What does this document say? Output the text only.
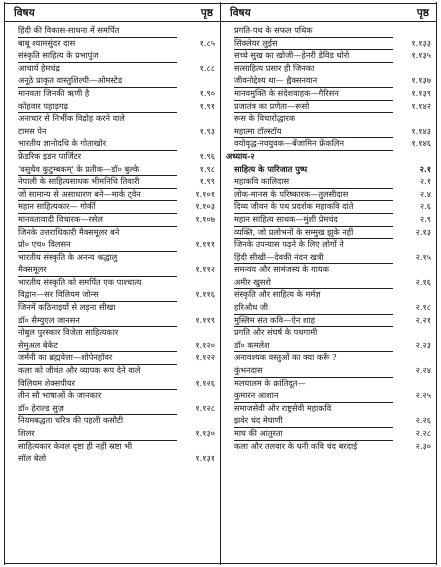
विषय	पृष्ठ
हिंदी की विकास-साधना में समर्पित
बाबू श्यामसुंदर दास	१.८५
संस्कृति साहित्य के प्रभापुंज
आचार्य हेमचंद्र	१.८८
अनूठे प्राकृत वास्तुशिल्पी—ओमस्टेड
मानवता जिनकी ऋणी है	१.९०
कोहवार पहाड़गढ़	१.९१
अनाचार से निर्भीक विद्रोह करने वाले
टामस पेन	१.९३
भारतीय ज्ञानोदधि के गोताखोर
फ्रेडरिक इडन पार्जिटर	१.९६
'वसुधैव कुटुम्बकम्' के प्रतीक—डॉ० बुल्के	१.९८
नेपाली के साहित्यसाधक भीमनिधि तिवारी	१.९९
जो सामान्य से असाधारण बने—मार्क ट्वेन	१.१०१
महान साहित्यकार— गोर्की	१.१०३
मानवतावादी विचारक—रसेल	१.१०७
जिनके उत्तराधिकारी मैक्समूलर बने
प्रो० एच० विलसन	१.१११
भारतीय संस्कृति के अनन्य श्रद्धालु
मैक्समूलर	१.११२
भारतीय संस्कृति को समर्पित एक पाश्चात्य
विद्वान—सर विलियम जोन्स	१.११६
जिनमें कठिनाइयों से लड़ना सीखा
डॉ० सैम्युएल जानसन	१.११९
नोबुल पुरस्कार विजेता साहित्यकार
सेमुअल बेकेट	१.१२०
जर्मनी का ब्रह्मवेत्ता—शोपेनहॉवर	१.१२२
कला को जीवंत और व्यापक रूप देने वाले
विलियम शेक्सपीयर	१.१२६
तीन सौ भाषाओं के जानकार
डॉ० हेराल्ड सुज़	१.१२८
नियमबद्धता चरित्र की पहली कसौटी
शिलर	१.१३०
साहित्यकार केवल दृष्टा ही नहीं स्रष्टा भी
सॉल बेलो	१.१३१
विषय	पृष्ठ
प्रगति-पथ के सफल पथिक
सिंक्लेयर लुईस	१.१३३
सच्चे सुख का खोजी—हेनरी डेविड थोरो	१.१३५
सत्साहित्य प्रसार ही जिनका
जीवनोद्देश्य था— ह्वैक्सनवान	१.१३७
मानवमुक्ति के संदेशवाहक—गैरिसन	१.१३९
प्रजातंत्र का प्रणेता—रूसो	१.१४२
रूस के विचारोद्धारक
महात्मा टॉल्स्टॉय	१.१४३
वयोवृद्ध-नवयुवक—बेंजामिन फ्रेंकलिन	१.१४६
अध्याय-२
साहित्य के पारिजात पुष्प	२.१
महाकवि कालिदास	२.१
लोक-मानस के परिष्कारक—तुलसीदास	२.४
दिव्य जीवन के पथ प्रदर्शक महाकवि दांते	२.६
महान साहित्य साधक—मुंशी प्रेमचंद	२.९
व्यक्ति, जो प्रलोभनों के सम्मुख झुके नहीं	२.१३
जिनके उपन्यास पढ़ने के लिए लोगों ने
हिंदी सीखी—देवकी नंदन खत्री	२.१५
समन्वय और सामंजस्य के गायक
अमीर खुसरो	२.१६
संस्कृति और साहित्य के मर्मज्ञ
हरिऔध जी	२.१८
मुस्लिम संत कवि—ऐन शाह	२.२१
प्रगति और संघर्ष के पथगामी
डॉ० कमलेश	२.२३
अनावश्यक वस्तुओं का क्या करूँ ?
कुंभनदास	२.२४
मलयालम के क्रांतिदूत—
कुमारन आशान	२.२५
समाजसेवी और राष्ट्रसेवी महाकवि
झवेर चंद मेघाणी	२.२६
माघ की आतुरता	२.२८
कला और तलवार के धनी कवि चंद बरदाई	२.३०
